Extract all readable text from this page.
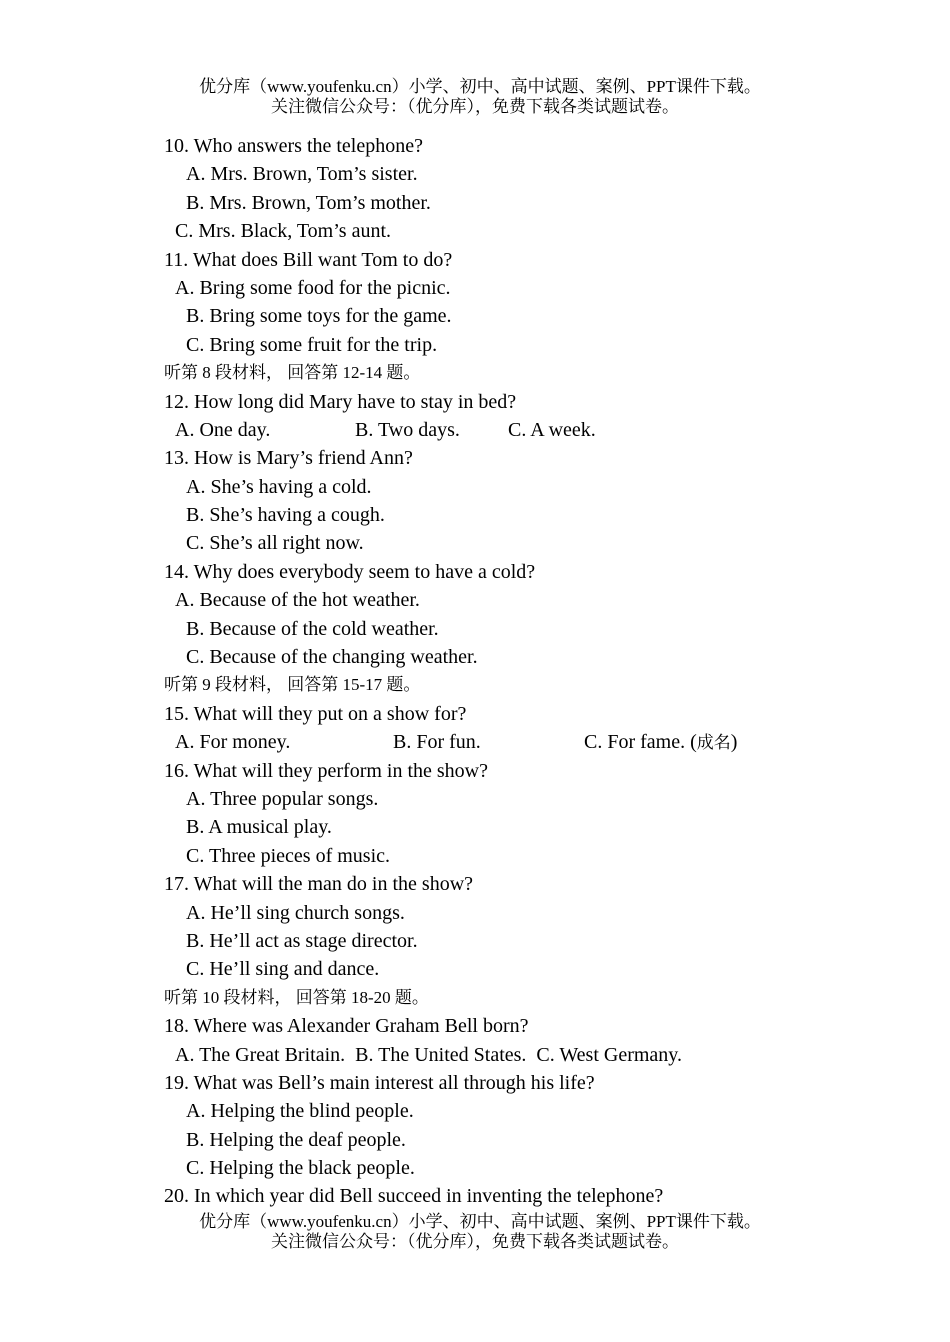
优分库（www.youfenku.cn）小学、初中、高中试题、案例、PPT课件下载。
关注微信公众号：（优分库），免费下载各类试题试卷。
10. Who answers the telephone?
A. Mrs. Brown, Tom’s sister.
B. Mrs. Brown, Tom’s mother.
C. Mrs. Black, Tom’s aunt.
11. What does Bill want Tom to do?
A. Bring some food for the picnic.
B. Bring some toys for the game.
C. Bring some fruit for the trip.
听第 8 段材料， 回答第 12-14 题。
12. How long did Mary have to stay in bed?
A. One day.	B. Two days. C. A week.
13. How is Mary’s friend Ann?
A. She’s having a cold.
B. She’s having a cough.
C. She’s all right now.
14. Why does everybody seem to have a cold?
A. Because of the hot weather.
B. Because of the cold weather.
C. Because of the changing weather.
听第 9 段材料， 回答第 15-17 题。
15. What will they put on a show for?
A. For money.	B. For fun.	C. For fame. (成名)
16. What will they perform in the show?
A. Three popular songs.
B. A musical play.
C. Three pieces of music.
17. What will the man do in the show?
A. He’ll sing church songs.
B. He’ll act as stage director.
C. He’ll sing and dance.
听第 10 段材料， 回答第 18-20 题。
18. Where was Alexander Graham Bell born?
A. The Great Britain.  B. The United States.  C. West Germany.
19. What was Bell’s main interest all through his life?
A. Helping the blind people.
B. Helping the deaf people.
C. Helping the black people.
20. In which year did Bell succeed in inventing the telephone?
优分库（www.youfenku.cn）小学、初中、高中试题、案例、PPT课件下载。
关注微信公众号：（优分库），免费下载各类试题试卷。
